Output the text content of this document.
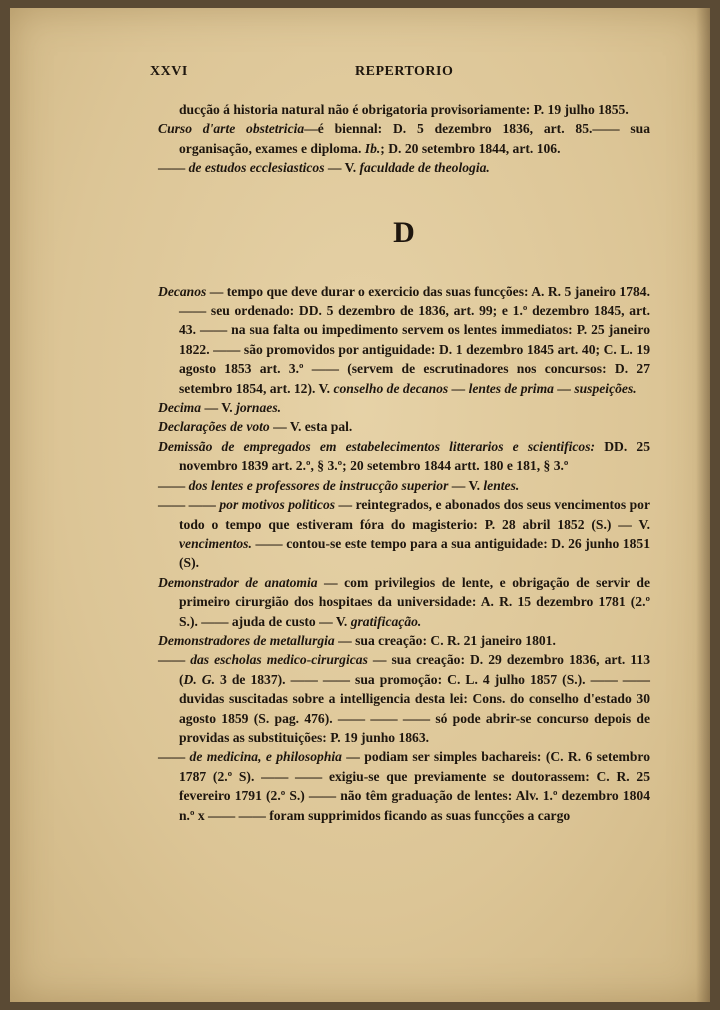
XXVI	REPERTORIO

ducção á historia natural não é obrigatoria provisoriamente: P. 19 julho 1855.

Curso d'arte obstetricia—é biennal: D. 5 dezembro 1836, art. 85.—— sua organisação, exames e diploma. Ib.; D. 20 setembro 1844, art. 106.

—— de estudos ecclesiasticos — V. faculdade de theologia.

D

Decanos — tempo que deve durar o exercicio das suas funcções: A. R. 5 janeiro 1784. —— seu ordenado: DD. 5 dezembro de 1836, art. 99; e 1.º dezembro 1845, art. 43. —— na sua falta ou impedimento servem os lentes immediatos: P. 25 janeiro 1822. —— são promovidos por antiguidade: D. 1 dezembro 1845 art. 40; C. L. 19 agosto 1853 art. 3.º —— (servem de escrutinadores nos concursos: D. 27 setembro 1854, art. 12). V. conselho de decanos — lentes de prima — suspeições.

Decima — V. jornaes.

Declarações de voto — V. esta pal.

Demissão de empregados em estabelecimentos litterarios e scientificos: DD. 25 novembro 1839 art. 2.º, § 3.º; 20 setembro 1844 artt. 180 e 181, § 3.º

—— dos lentes e professores de instrucção superior — V. lentes.

—— —— por motivos politicos — reintegrados, e abonados dos seus vencimentos por todo o tempo que estiveram fóra do magisterio: P. 28 abril 1852 (S.) — V. vencimentos. —— contou-se este tempo para a sua antiguidade: D. 26 junho 1851 (S).

Demonstrador de anatomia — com privilegios de lente, e obrigação de servir de primeiro cirurgião dos hospitaes da universidade: A. R. 15 dezembro 1781 (2.º S.). —— ajuda de custo — V. gratificação.

Demonstradores de metallurgia — sua creação: C. R. 21 janeiro 1801.

—— das escholas medico-cirurgicas — sua creação: D. 29 dezembro 1836, art. 113 (D. G. 3 de 1837). —— —— sua promoção: C. L. 4 julho 1857 (S.). —— —— duvidas suscitadas sobre a intelligencia desta lei: Cons. do conselho d'estado 30 agosto 1859 (S. pag. 476). —— —— —— só pode abrir-se concurso depois de providas as substituições: P. 19 junho 1863.

—— de medicina, e philosophia — podiam ser simples bachareis: (C. R. 6 setembro 1787 (2.º S). —— —— exigiu-se que previamente se doutorassem: C. R. 25 fevereiro 1791 (2.º S.) —— não têm graduação de lentes: Alv. 1.º dezembro 1804 n.º x —— —— foram supprimidos ficando as suas funcções a cargo
